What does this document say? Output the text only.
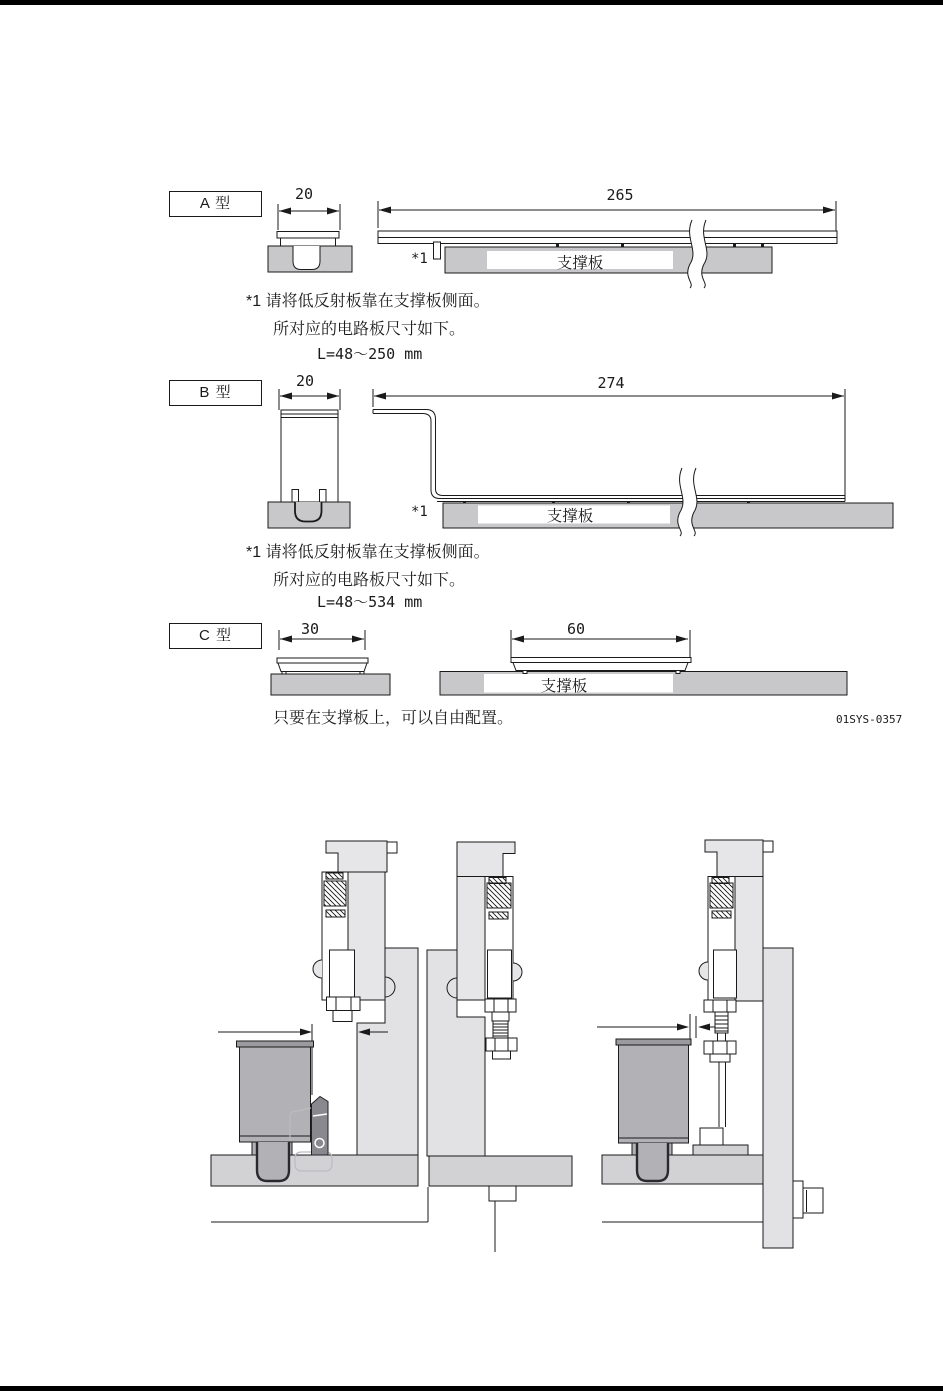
A 型
B 型
C 型
20	265
20	274
30	60
支撑板
支撑板
支撑板
*1
*1
*1 请将低反射板靠在支撑板侧面。
所对应的电路板尺寸如下。
L=48～250 mm
*1 请将低反射板靠在支撑板侧面。
所对应的电路板尺寸如下。
L=48～534 mm
只要在支撑板上，可以自由配置。	01SYS-0357
